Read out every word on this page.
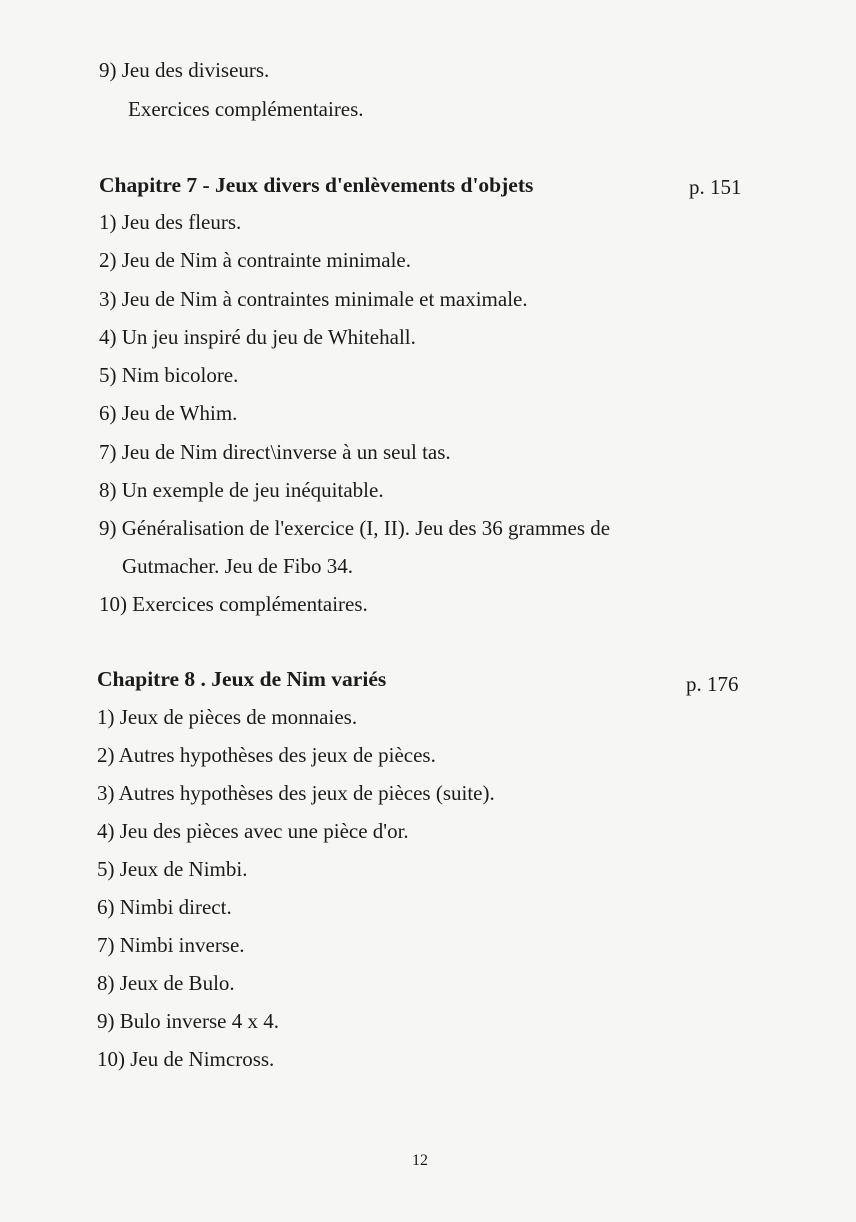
9) Jeu des diviseurs.
Exercices complémentaires.
Chapitre 7 - Jeux divers d'enlèvements d'objets	p. 151
1) Jeu des fleurs.
2) Jeu de Nim à contrainte minimale.
3) Jeu de Nim à contraintes minimale et maximale.
4) Un jeu inspiré du jeu de Whitehall.
5) Nim bicolore.
6) Jeu de Whim.
7) Jeu de Nim direct\inverse à un seul tas.
8) Un exemple de jeu inéquitable.
9) Généralisation de l'exercice (I, II). Jeu des 36 grammes de
Gutmacher. Jeu de Fibo 34.
10) Exercices complémentaires.
Chapitre 8 . Jeux de Nim variés	p. 176
1) Jeux de pièces de monnaies.
2) Autres hypothèses des jeux de pièces.
3) Autres hypothèses des jeux de pièces (suite).
4) Jeu des pièces avec une pièce d'or.
5) Jeux de Nimbi.
6) Nimbi direct.
7) Nimbi inverse.
8) Jeux de Bulo.
9) Bulo inverse 4 x 4.
10) Jeu de Nimcross.
12
